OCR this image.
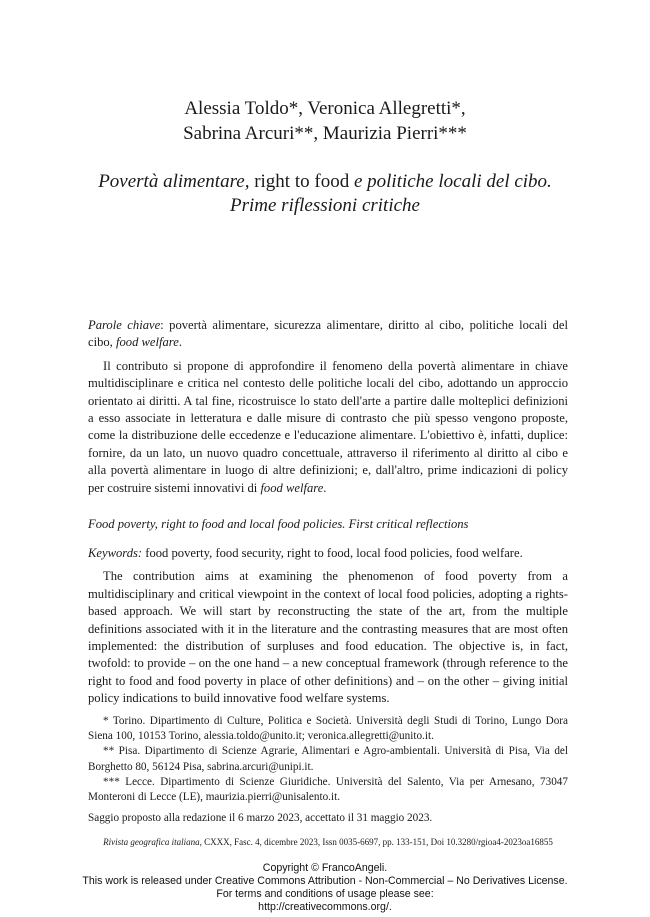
Alessia Toldo*, Veronica Allegretti*,
Sabrina Arcuri**, Maurizia Pierri***
Povertà alimentare, right to food e politiche locali del cibo.
Prime riflessioni critiche

Parole chiave: povertà alimentare, sicurezza alimentare, diritto al cibo, politiche locali del cibo, food welfare.

Il contributo si propone di approfondire il fenomeno della povertà alimentare in chiave multidisciplinare e critica nel contesto delle politiche locali del cibo, adottando un approccio orientato ai diritti. A tal fine, ricostruisce lo stato dell'arte a partire dalle molteplici definizioni a esso associate in letteratura e dalle misure di contrasto che più spesso vengono proposte, come la distribuzione delle eccedenze e l'educazione alimentare. L'obiettivo è, infatti, duplice: fornire, da un lato, un nuovo quadro concettuale, attraverso il riferimento al diritto al cibo e alla povertà alimentare in luogo di altre definizioni; e, dall'altro, prime indicazioni di policy per costruire sistemi innovativi di food welfare.

Food poverty, right to food and local food policies. First critical reflections

Keywords: food poverty, food security, right to food, local food policies, food welfare.

The contribution aims at examining the phenomenon of food poverty from a multidisciplinary and critical viewpoint in the context of local food policies, adopting a rights-based approach. We will start by reconstructing the state of the art, from the multiple definitions associated with it in the literature and the contrasting measures that are most often implemented: the distribution of surpluses and food education. The objective is, in fact, twofold: to provide – on the one hand – a new conceptual framework (through reference to the right to food and food poverty in place of other definitions) and – on the other – giving initial policy indications to build innovative food welfare systems.

* Torino. Dipartimento di Culture, Politica e Società. Università degli Studi di Torino, Lungo Dora Siena 100, 10153 Torino, alessia.toldo@unito.it; veronica.allegretti@unito.it.

** Pisa. Dipartimento di Scienze Agrarie, Alimentari e Agro-ambientali. Università di Pisa, Via del Borghetto 80, 56124 Pisa, sabrina.arcuri@unipi.it.

*** Lecce. Dipartimento di Scienze Giuridiche. Università del Salento, Via per Arnesano, 73047 Monteroni di Lecce (LE), maurizia.pierri@unisalento.it.

Saggio proposto alla redazione il 6 marzo 2023, accettato il 31 maggio 2023.

Rivista geografica italiana, CXXX, Fasc. 4, dicembre 2023, Issn 0035-6697, pp. 133-151, Doi 10.3280/rgioa4-2023oa16855
Copyright © FrancoAngeli.
This work is released under Creative Commons Attribution - Non-Commercial – No Derivatives License.
For terms and conditions of usage please see:
http://creativecommons.org/.
